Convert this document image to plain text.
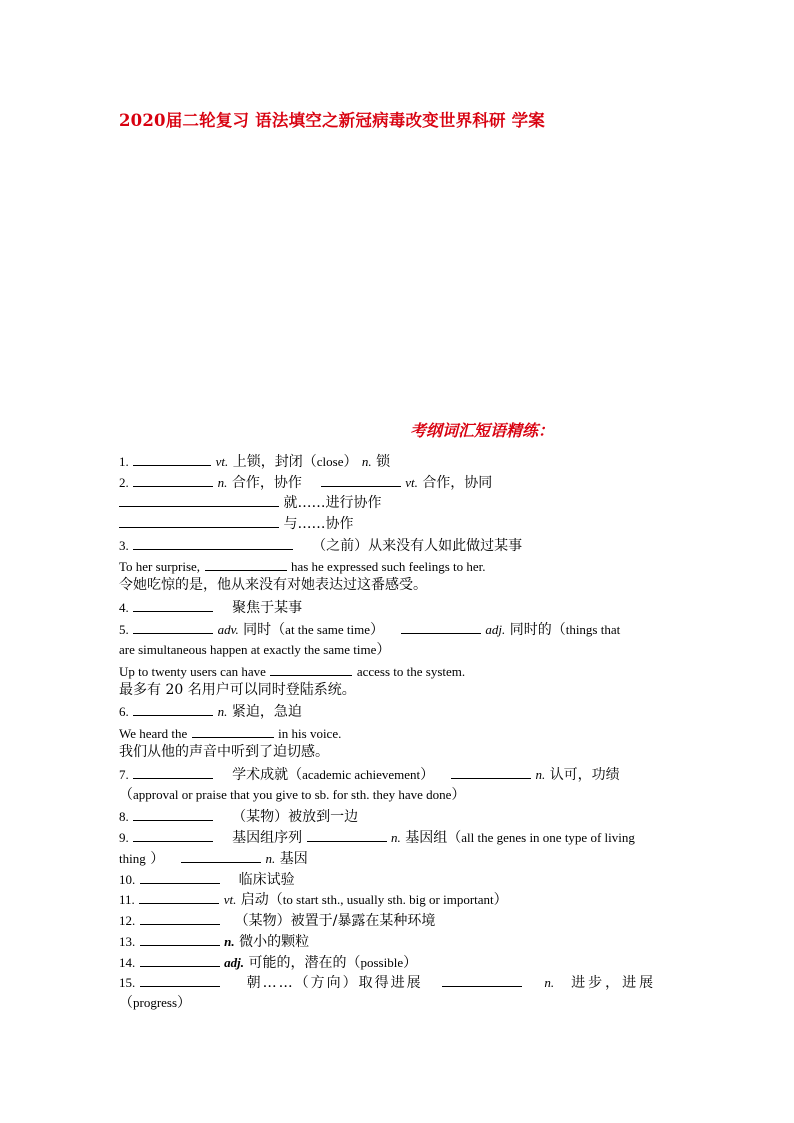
2020届二轮复习 语法填空之新冠病毒改变世界科研 学案
考纲词汇短语精练：
1.	vt. 上锁，封闭（close） n. 锁
2.	n. 合作，协作	vt. 合作，协同
就……进行协作
与……协作
3.	（之前）从来没有人如此做过某事
To her surprise,	has he expressed such feelings to her.
令她吃惊的是，他从来没有对她表达过这番感受。
4.	聚焦于某事
5.	adv. 同时（at the same time）	adj. 同时的（things that
are simultaneous happen at exactly the same time）
Up to twenty users can have	access to the system.
最多有 20 名用户可以同时登陆系统。
6.	n. 紧迫，急迫
We heard the	in his voice.
我们从他的声音中听到了迫切感。
7.	学术成就（academic achievement）	n. 认可，功绩
（approval or praise that you give to sb. for sth. they have done）
8.	（某物）被放到一边
9.	基因组序列	n. 基因组（all the genes in one type of living
thing ）	n. 基因
10.	临床试验
11.	vt. 启动（to start sth., usually sth. big or important）
12.	（某物）被置于/暴露在某种环境
13.	n. 微小的颗粒
14.	adj. 可能的，潜在的（possible）
15.	朝……（方向）取得进展	n. 进步，进展
（progress）
